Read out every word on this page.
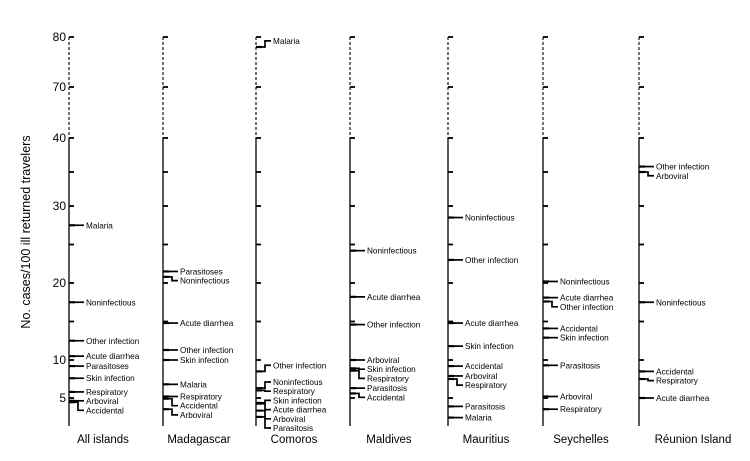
No. cases/100 ill returned travelers
5
10
20
30
40
70
80
All islands
Malaria
Noninfectious
Other infection
Acute diarrhea
Parasitoses
Skin infection
Respiratory
Arboviral
Accidental
Madagascar
Parasitoses
Noninfectious
Acute diarrhea
Other infection
Skin infection
Malaria
Respiratory
Accidental
Arboviral
Comoros
Malaria
Other infection
Noninfectious
Respiratory
Skin infection
Acute diarrhea
Arboviral
Parasitosis
Maldives
Noninfectious
Acute diarrhea
Other infection
Arboviral
Skin infection
Respiratory
Parasitosis
Accidental
Mauritius
Noninfectious
Other infection
Acute diarrhea
Skin infection
Accidental
Arboviral
Respiratory
Parasitosis
Malaria
Seychelles
Noninfectious
Acute diarrhea
Other infection
Accidental
Skin infection
Parasitosis
Arboviral
Respiratory
Réunion Island
Other infection
Arboviral
Noninfectious
Accidental
Respiratory
Acute diarrhea
